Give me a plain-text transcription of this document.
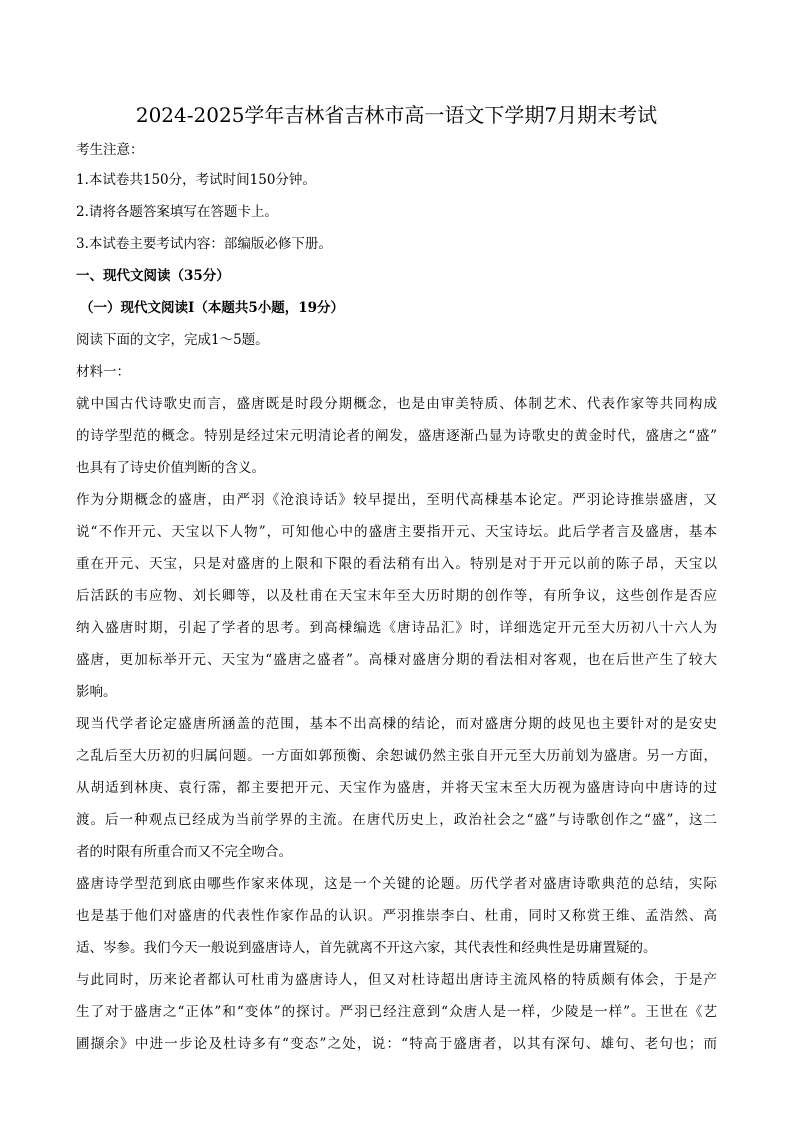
2024-2025学年吉林省吉林市高一语文下学期7月期末考试
考生注意：
1.本试卷共150分，考试时间150分钟。
2.请将各题答案填写在答题卡上。
3.本试卷主要考试内容：部编版必修下册。
一、现代文阅读（35分）
（一）现代文阅读Ⅰ（本题共5小题，19分）
阅读下面的文字，完成1～5题。
材料一：
就中国古代诗歌史而言，盛唐既是时段分期概念，也是由审美特质、体制艺术、代表作家等共同构成
的诗学型范的概念。特别是经过宋元明清论者的阐发，盛唐逐渐凸显为诗歌史的黄金时代，盛唐之“盛”
也具有了诗史价值判断的含义。
作为分期概念的盛唐，由严羽《沧浪诗话》较早提出，至明代高棅基本论定。严羽论诗推崇盛唐，又
说“不作开元、天宝以下人物”，可知他心中的盛唐主要指开元、天宝诗坛。此后学者言及盛唐，基本
重在开元、天宝，只是对盛唐的上限和下限的看法稍有出入。特别是对于开元以前的陈子昂，天宝以
后活跃的韦应物、刘长卿等，以及杜甫在天宝末年至大历时期的创作等，有所争议，这些创作是否应
纳入盛唐时期，引起了学者的思考。到高棅编选《唐诗品汇》时，详细选定开元至大历初八十六人为
盛唐，更加标举开元、天宝为“盛唐之盛者”。高棅对盛唐分期的看法相对客观，也在后世产生了较大
影响。
现当代学者论定盛唐所涵盖的范围，基本不出高棅的结论，而对盛唐分期的歧见也主要针对的是安史
之乱后至大历初的归属问题。一方面如郭预衡、余恕诚仍然主张自开元至大历前划为盛唐。另一方面，
从胡适到林庚、袁行霈，都主要把开元、天宝作为盛唐，并将天宝末至大历视为盛唐诗向中唐诗的过
渡。后一种观点已经成为当前学界的主流。在唐代历史上，政治社会之“盛”与诗歌创作之“盛”，这二
者的时限有所重合而又不完全吻合。
盛唐诗学型范到底由哪些作家来体现，这是一个关键的论题。历代学者对盛唐诗歌典范的总结，实际
也是基于他们对盛唐的代表性作家作品的认识。严羽推崇李白、杜甫，同时又称赏王维、孟浩然、高
适、岑参。我们今天一般说到盛唐诗人，首先就离不开这六家，其代表性和经典性是毋庸置疑的。
与此同时，历来论者都认可杜甫为盛唐诗人，但又对杜诗超出唐诗主流风格的特质颇有体会，于是产
生了对于盛唐之“正体”和“变体”的探讨。严羽已经注意到“众唐人是一样，少陵是一样”。王世在《艺
圃撷余》中进一步论及杜诗多有“变态”之处，说：“特高于盛唐者，以其有深句、雄句、老句也；而
